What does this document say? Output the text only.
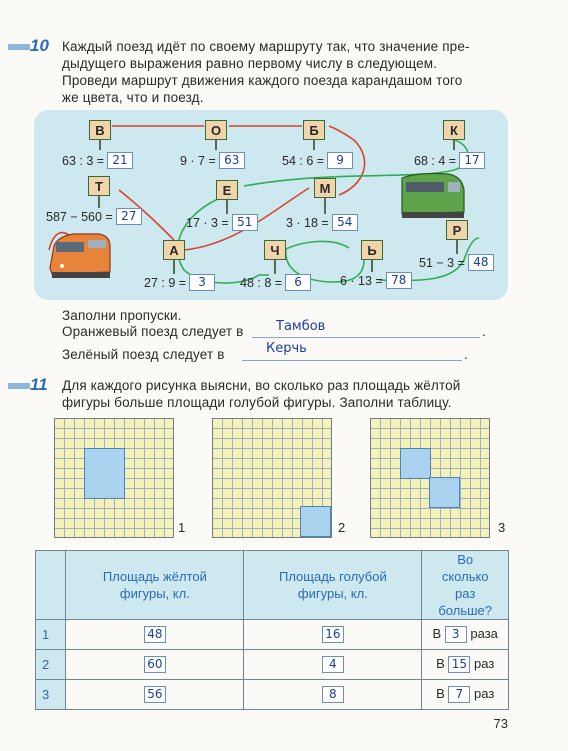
10 Каждый поезд идёт по своему маршруту так, что значение пре-
дыдущего выражения равно первому числу в следующем.
Проведи маршрут движения каждого поезда карандашом того
же цвета, что и поезд.
В
63 : 3 = 21
О
9 · 7 = 63
Б
54 : 6 =	9
К
68 : 4 = 17
Т
587 − 560 = 27
Е
17 · 3 = 51
М
3 · 18 = 54
А
27 : 9 =	3
Ч
48 : 8 =	6
Ь
6 · 13 = 78
Р
51 − 3 = 48
Заполни пропуски.
Оранжевый поезд следует в	Тамбов	.
Зелёный поезд следует в	Керчь	.
11 Для каждого рисунка выясни, во сколько раз площадь жёлтой
фигуры больше площади голубой фигуры. Заполни таблицу.
1	2	3
	Площадь жёлтой фигуры, кл.	Площадь голубой фигуры, кл.	Во сколько раз больше?
1	48	16	В 3 раза
2	60	4	В 15 раз
3	56	8	В 7 раз
73
